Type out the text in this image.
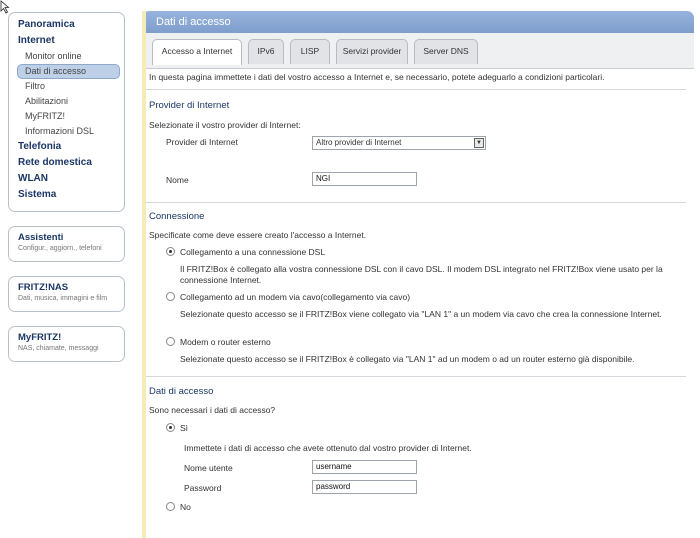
Panoramica
Internet
Monitor online
Dati di accesso
Filtro
Abilitazioni
MyFRITZ!
Informazioni DSL
Telefonia
Rete domestica
WLAN
Sistema
Assistenti
Configur., aggiorn., telefoni
FRITZ!NAS
Dati, musica, immagini e film
MyFRITZ!
NAS, chiamate, messaggi
Dati di accesso
Accesso a Internet	IPv6	LISP	Servizi provider	Server DNS
In questa pagina immettete i dati del vostro accesso a Internet e, se necessario, potete adeguarlo a condizioni particolari.
Provider di Internet
Selezionate il vostro provider di Internet:
Provider di Internet	Altro provider di Internet	▼
Nome	NGI
Connessione
Specificate come deve essere creato l'accesso a Internet.
Collegamento a una connessione DSL
Il FRITZ!Box è collegato alla vostra connessione DSL con il cavo DSL. Il modem DSL integrato nel FRITZ!Box viene usato per la connessione Internet.
Collegamento ad un modem via cavo(collegamento via cavo)
Selezionate questo accesso se il FRITZ!Box viene collegato via "LAN 1" a un modem via cavo che crea la connessione Internet.
Modem o router esterno
Selezionate questo accesso se il FRITZ!Box è collegato via "LAN 1" ad un modem o ad un router esterno già disponibile.
Dati di accesso
Sono necessari i dati di accesso?
Sì
Immettete i dati di accesso che avete ottenuto dal vostro provider di Internet.
Nome utente	username
Password	password
No
